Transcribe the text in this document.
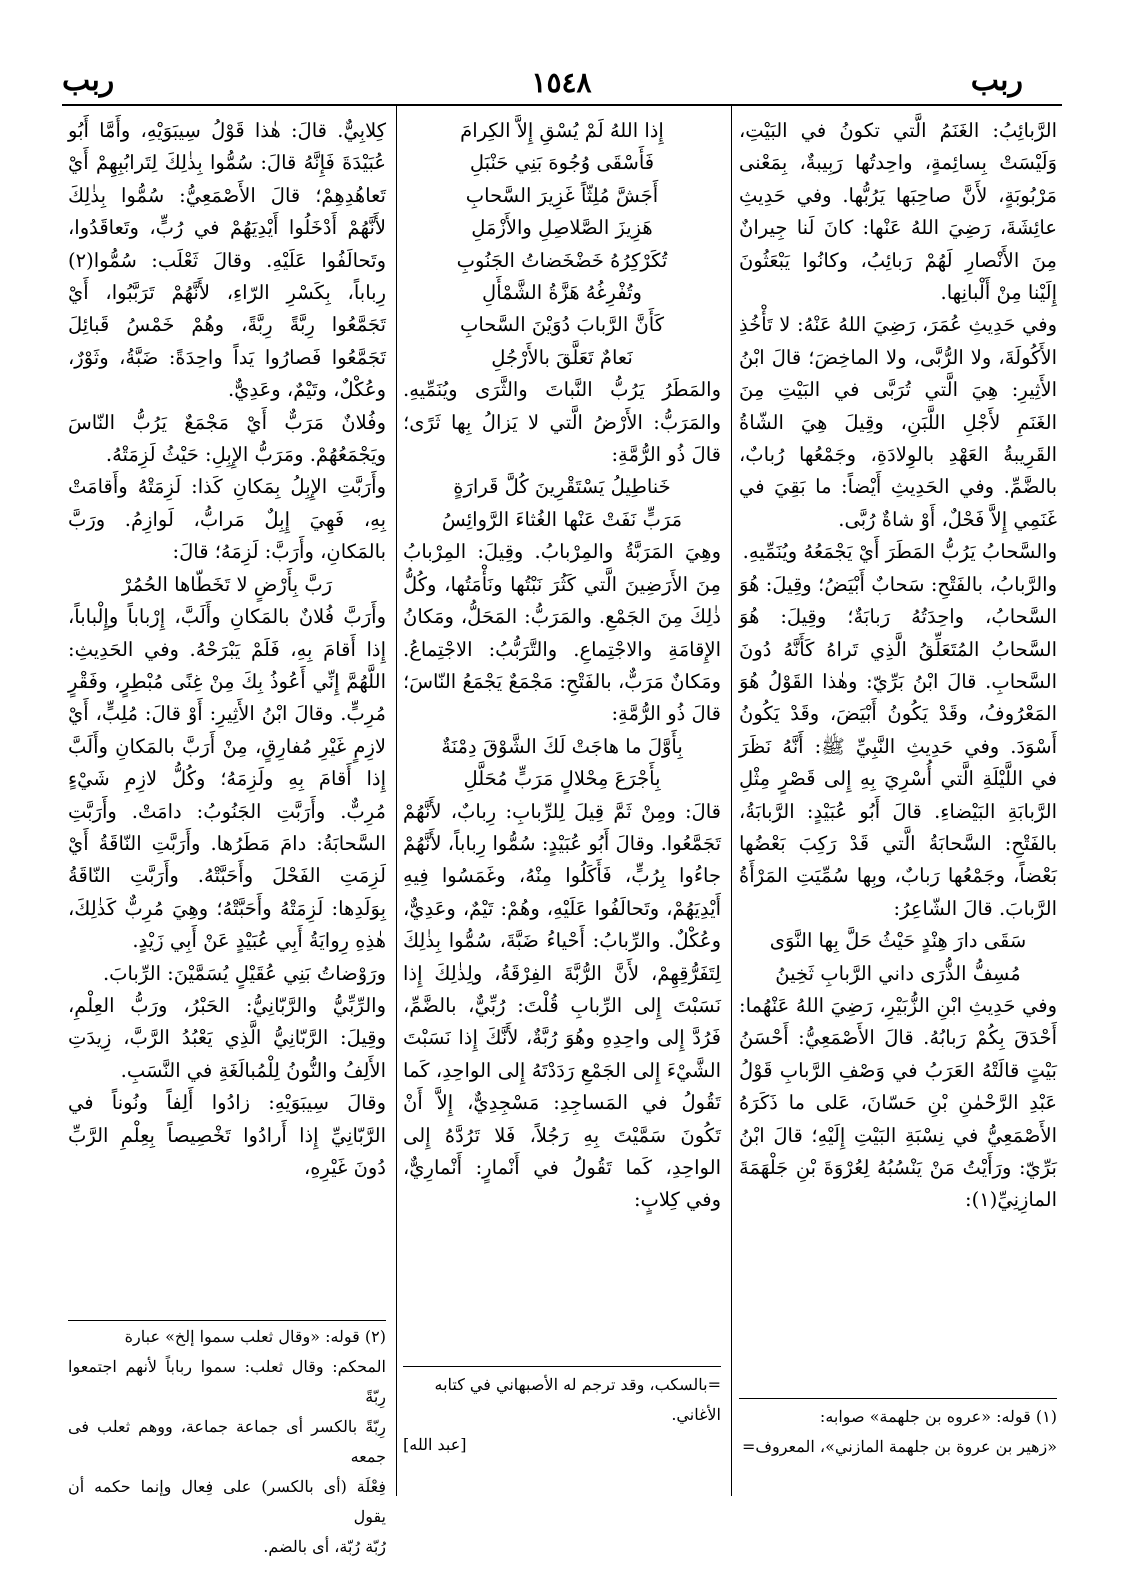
ربب
١٥٤٨
ربب

الرَّبائِبُ: الغَنَمُ الَّتي تكونُ في البَيْتِ، وَلَيْسَتْ بِسائِمةٍ، واحِدتُها رَبِيبةٌ، بِمَعْنى مَرْبُوبَةٍ، لأَنَّ صاحِبَها يَرُبُّها. وفي حَدِيثِ عائِشَةَ، رَضِيَ اللهُ عَنْها: كانَ لَنا جِيرانٌ مِنَ الأَنْصارِ لَهُمْ رَبائِبُ، وكانُوا يَبْعَثُونَ إِلَيْنا مِنْ أَلْبانِها.

وفي حَدِيثِ عُمَرَ، رَضِيَ اللهُ عَنْهُ: لا تَأْخُذِ الأَكُولَةَ، ولا الرُّبَّى، ولا الماخِضَ؛ قالَ ابْنُ الأَثِيرِ: هِيَ الَّتي تُرَبَّى في البَيْتِ مِنَ الغَنَمِ لأَجْلِ اللَّبَنِ، وقِيلَ هِيَ الشّاةُ القَرِيبةُ العَهْدِ بالوِلادَةِ، وجَمْعُها رُبابٌ، بالضَّمِّ. وفي الحَدِيثِ أَيْضاً: ما بَقِيَ في غَنَمِي إِلاَّ فَحْلٌ، أَوْ شاةٌ رُبَّى.

والسَّحابُ يَرُبُّ المَطَرَ أَيْ يَجْمَعُهُ ويُنَمِّيهِ.

والرَّبابُ، بالفَتْحِ: سَحابٌ أَبْيَضُ؛ وقِيلَ: هُوَ السَّحابُ، واحِدَتُهُ رَبابَةٌ؛ وقِيلَ: هُوَ السَّحابُ المُتَعَلِّقُ الَّذِي تَراهُ كَأَنَّهُ دُونَ السَّحابِ. قالَ ابْنُ بَرِّيّ: وهٰذا القَوْلُ هُوَ المَعْرُوفُ، وقَدْ يَكُونُ أَبْيَضَ، وقَدْ يَكُونُ أَسْوَدَ. وفي حَدِيثِ النَّبِيِّ ﷺ: أَنَّهُ نَظَرَ في اللَّيْلَةِ الَّتي أُسْرِيَ بِهِ إِلى قَصْرٍ مِثْلِ الرَّبابَةِ البَيْضاءِ. قالَ أَبُو عُبَيْدٍ: الرَّبابَةُ، بالفَتْحِ: السَّحابَةُ الَّتي قَدْ رَكِبَ بَعْضُها بَعْضاً، وجَمْعُها رَبابٌ، وبِها سُمِّيَتِ المَرْأَةُ الرَّبابَ. قالَ الشّاعِرُ:

سَقَى دارَ هِنْدٍ حَيْثُ حَلَّ بِها النَّوَى

مُسِفُّ الذُّرَى داني الرَّبابِ ثَخِينُ

وفي حَدِيثِ ابْنِ الزُّبَيْرِ، رَضِيَ اللهُ عَنْهُما: أَحْدَقَ بِكُمْ رَبابُهُ. قالَ الأَصْمَعِيُّ: أَحْسَنُ بَيْتٍ قالَتْهُ العَرَبُ في وَصْفِ الرَّبابِ قَوْلُ عَبْدِ الرَّحْمٰنِ بْنِ حَسّانَ، عَلى ما ذَكَرَهُ الأَصْمَعِيُّ في نِسْبَةِ البَيْتِ إِلَيْهِ؛ قالَ ابْنُ بَرِّيّ: ورَأَيْتُ مَنْ يَنْسُبُهُ لِعُرْوَةَ بْنِ جَلْهَمَةَ المازِنِيِّ(١):

إِذا اللهُ لَمْ يُسْقِ إِلاَّ الكِرامَ

فَأَسْقَى وُجُوهَ بَنِي حَنْبَلِ

أَجَشَّ مُلِثّاً غَزِيرَ السَّحابِ

هَزِيزَ الصَّلاصِلِ والأَزْمَلِ

تُكَرْكِرُهُ خَضْخَضاتُ الجَنُوبِ

وتُفْرِغُهُ هَزَّةُ الشَّمْأَلِ

كَأَنَّ الرَّبابَ دُوَيْنَ السَّحابِ

نَعامٌ تَعَلَّقَ بالأَرْجُلِ

والمَطَرُ يَرُبُّ النَّباتَ والثَّرَى ويُنَمِّيهِ. والمَرَبُّ: الأَرْضُ الَّتي لا يَزالُ بِها ثَرًى؛ قالَ ذُو الرُّمَّةِ:

خَناطِيلُ يَسْتَقْرِينَ كُلَّ قَرارَةٍ

مَرَبٍّ نَفَتْ عَنْها الغُثاءَ الرَّوائِسُ

وهِيَ المَرَبَّةُ والمِرْبابُ. وقِيلَ: المِرْبابُ مِنَ الأَرَضِينَ الَّتي كَثُرَ نَبْتُها ونَأْمَتُها، وكُلُّ ذٰلِكَ مِنَ الجَمْعِ. والمَرَبُّ: المَحَلُّ، ومَكانُ الإِقامَةِ والاجْتِماعِ. والتَّرَبُّبُ: الاجْتِماعُ. ومَكانٌ مَرَبٌّ، بالفَتْحِ: مَجْمَعٌ يَجْمَعُ النّاسَ؛ قالَ ذُو الرُّمَّةِ:

بِأَوَّلَ ما هاجَتْ لَكَ الشَّوْقَ دِمْنَةٌ

بِأَجْرَعَ مِحْلالٍ مَرَبٍّ مُحَلَّلِ

قالَ: ومِنْ ثَمَّ قِيلَ لِلرِّبابِ: رِبابٌ، لأَنَّهُمْ تَجَمَّعُوا. وقالَ أَبُو عُبَيْدٍ: سُمُّوا رِباباً، لأَنَّهُمْ جاءُوا بِرُبٍّ، فَأَكَلُوا مِنْهُ، وغَمَسُوا فِيهِ أَيْدِيَهُمْ، وتَحالَفُوا عَلَيْهِ، وهُمْ: تَيْمٌ، وعَدِيٌّ، وعُكْلٌ. والرِّبابُ: أَحْياءُ ضَبَّةَ، سُمُّوا بِذٰلِكَ لِتَفَرُّقِهِمْ، لأَنَّ الرُّبَّةَ الفِرْقَةُ، ولِذٰلِكَ إِذا نَسَبْتَ إِلى الرِّبابِ قُلْتَ: رُبِّيٌّ، بالضَّمِّ، فَرُدَّ إِلى واحِدِهِ وهُوَ رُبَّةٌ، لأَنَّكَ إِذا نَسَبْتَ الشَّيْءَ إِلى الجَمْعِ رَدَدْتَهُ إِلى الواحِدِ، كَما تَقُولُ في المَساجِدِ: مَسْجِدِيٌّ، إِلاَّ أَنْ تَكُونَ سَمَّيْتَ بِهِ رَجُلاً، فَلا تَرُدَّهُ إِلى الواحِدِ، كَما تَقُولُ في أَنْمارٍ: أَنْمارِيٌّ، وفي كِلابٍ:

كِلابِيٌّ. قالَ: هٰذا قَوْلُ سِيبَوَيْهِ، وأَمَّا أَبُو عُبَيْدَةَ فَإِنَّهُ قالَ: سُمُّوا بِذٰلِكَ لِتَرابُبِهِمْ أَيْ تَعاهُدِهِمْ؛ قالَ الأَصْمَعِيُّ: سُمُّوا بِذٰلِكَ لأَنَّهُمْ أَدْخَلُوا أَيْدِيَهُمْ في رُبٍّ، وتَعاقَدُوا، وتَحالَفُوا عَلَيْهِ. وقالَ ثَعْلَب: سُمُّوا(٢) رِباباً، بِكَسْرِ الرّاءِ، لأَنَّهُمْ تَرَبَّبُوا، أَيْ تَجَمَّعُوا رِبَّةً رِبَّةً، وهُمْ خَمْسُ قَبائِلَ تَجَمَّعُوا فَصارُوا يَداً واحِدَةً: ضَبَّةُ، وثَوْرٌ، وعُكْلٌ، وتَيْمٌ، وعَدِيٌّ.

وفُلانٌ مَرَبٌّ أَيْ مَجْمَعٌ يَرُبُّ النّاسَ ويَجْمَعُهُمْ. ومَرَبُّ الإِبِلِ: حَيْثُ لَزِمَتْهُ.

وأَرَبَّتِ الإِبِلُ بِمَكانِ كَذا: لَزِمَتْهُ وأَقامَتْ بِهِ، فَهِيَ إِبِلٌ مَرابُّ، لَوازِمُ. ورَبَّ بالمَكانِ، وأَرَبَّ: لَزِمَهُ؛ قالَ:

رَبَّ بِأَرْضٍ لا تَخَطّاها الحُمُرْ

وأَرَبَّ فُلانٌ بالمَكانِ وأَلَبَّ، إِرْباباً وإِلْباباً، إِذا أَقامَ بِهِ، فَلَمْ يَبْرَحْهُ. وفي الحَدِيثِ: اللَّهُمَّ إِنِّي أَعُوذُ بِكَ مِنْ غِنًى مُبْطِرٍ، وفَقْرٍ مُرِبٍّ. وقالَ ابْنُ الأَثِيرِ: أَوْ قالَ: مُلِبٍّ، أَيْ لازِمٍ غَيْرِ مُفارِقٍ، مِنْ أَرَبَّ بالمَكانِ وأَلَبَّ إِذا أَقامَ بِهِ ولَزِمَهُ؛ وكُلُّ لازِمِ شَيْءٍ مُرِبٌّ. وأَرَبَّتِ الجَنُوبُ: دامَتْ. وأَرَبَّتِ السَّحابَةُ: دامَ مَطَرُها. وأَرَبَّتِ النّاقَةُ أَيْ لَزِمَتِ الفَحْلَ وأَحَبَّتْهُ. وأَرَبَّتِ النّاقَةُ بِوَلَدِها: لَزِمَتْهُ وأَحَبَّتْهُ؛ وهِيَ مُرِبٌّ كَذٰلِكَ، هٰذِهِ رِوايَةُ أَبِي عُبَيْدٍ عَنْ أَبِي زَيْدٍ.

ورَوْضاتُ بَنِي عُقَيْلٍ يُسَمَّيْنَ: الرِّبابَ.

والرِّبِّيُّ والرَّبّانِيُّ: الحَبْرُ، ورَبُّ العِلْمِ، وقِيلَ: الرَّبّانِيُّ الَّذِي يَعْبُدُ الرَّبَّ، زِيدَتِ الأَلِفُ والنُّونُ لِلْمُبالَغَةِ في النَّسَبِ.

وقالَ سِيبَوَيْهِ: زادُوا أَلِفاً ونُوناً في الرَّبّانِيِّ إِذا أَرادُوا تَخْصِيصاً بِعِلْمِ الرَّبِّ دُونَ غَيْرِهِ،

(١) قوله: «عروه بن جلهمة» صوابه:

«زهير بن عروة بن جلهمة المازني»، المعروف=

=بالسكب، وقد ترجم له الأصبهاني في كتابه

الأغاني.

[عبد الله]

(٢) قوله: «وقال ثعلب سموا إلخ» عبارة

المحكم: وقال ثعلب: سموا رباباً لأنهم اجتمعوا رِبّةً

رِبّةً بالكسر أى جماعة جماعة، ووهم ثعلب فى جمعه

فِعْلَة (أى بالكسر) على فِعال وإنما حكمه أن يقول

رُبّة رُبّة، أى بالضم.
